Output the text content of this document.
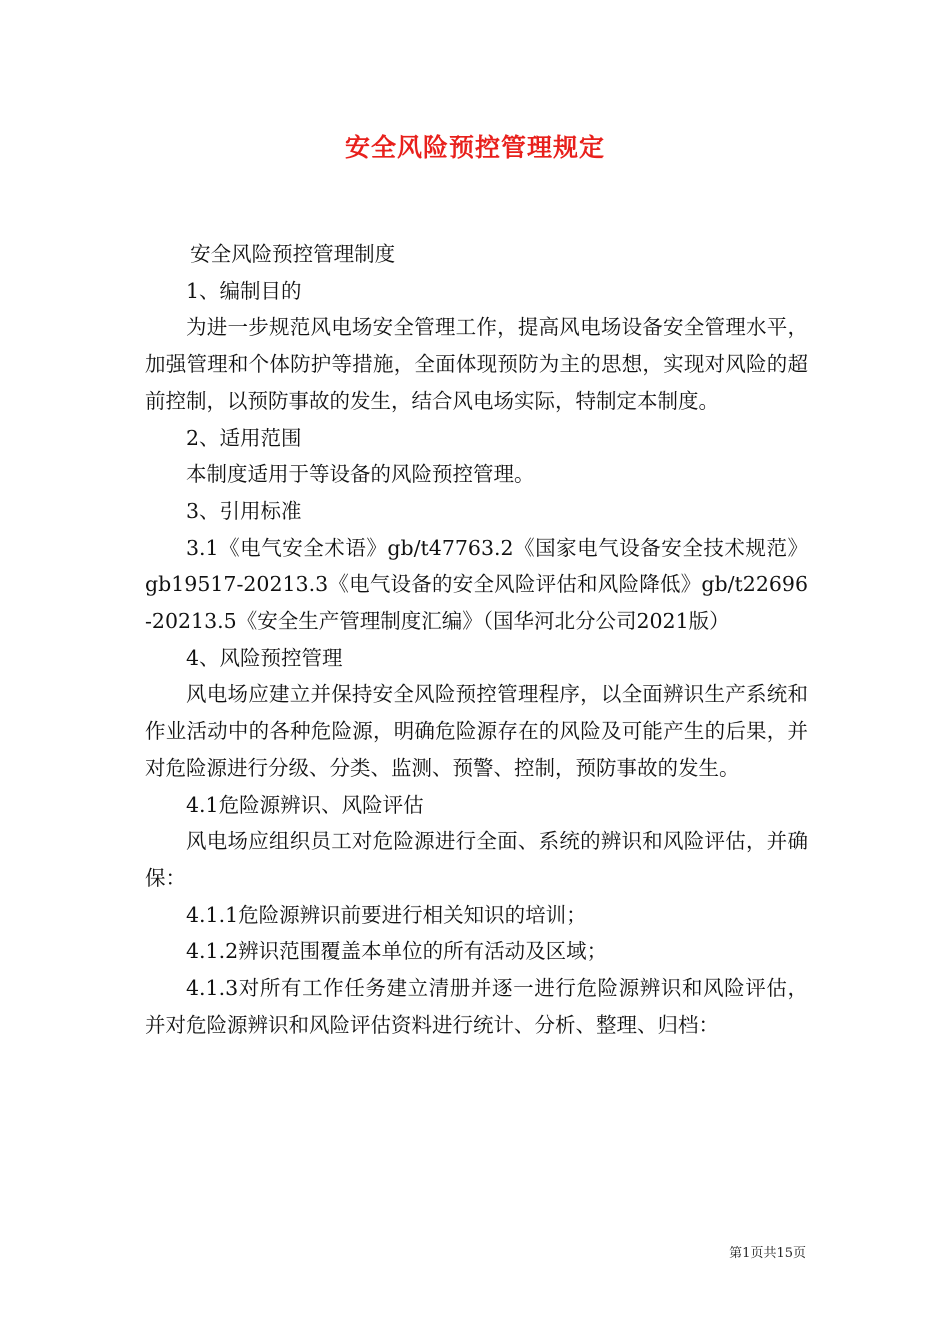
安全风险预控管理规定

安全风险预控管理制度

1、编制目的

为进一步规范风电场安全管理工作，提高风电场设备安全管理水平，加强管理和个体防护等措施，全面体现预防为主的思想，实现对风险的超前控制，以预防事故的发生，结合风电场实际，特制定本制度。

2、适用范围

本制度适用于等设备的风险预控管理。

3、引用标准

3.1《电气安全术语》gb/t47763.2《国家电气设备安全技术规范》gb19517-20213.3《电气设备的安全风险评估和风险降低》gb/t22696-20213.5《安全生产管理制度汇编》（国华河北分公司2021版）

4、风险预控管理

风电场应建立并保持安全风险预控管理程序，以全面辨识生产系统和作业活动中的各种危险源，明确危险源存在的风险及可能产生的后果，并对危险源进行分级、分类、监测、预警、控制，预防事故的发生。

4.1危险源辨识、风险评估

风电场应组织员工对危险源进行全面、系统的辨识和风险评估，并确保：

4.1.1危险源辨识前要进行相关知识的培训；

4.1.2辨识范围覆盖本单位的所有活动及区域；

4.1.3对所有工作任务建立清册并逐一进行危险源辨识和风险评估，并对危险源辨识和风险评估资料进行统计、分析、整理、归档：

第1页共15页
